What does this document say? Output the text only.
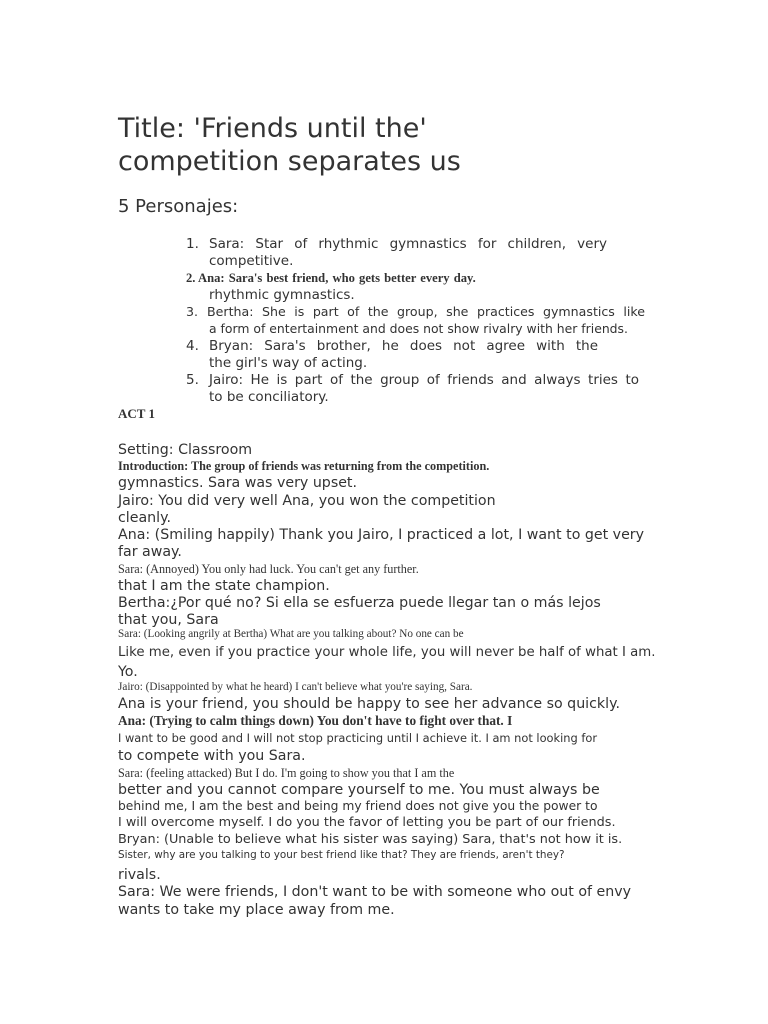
Title: 'Friends until the'
competition separates us
5 Personajes:
1. Sara: Star of rhythmic gymnastics for children, very
competitive.
2. Ana: Sara's best friend, who gets better every day.
rhythmic gymnastics.
3. Bertha: She is part of the group, she practices gymnastics like
a form of entertainment and does not show rivalry with her friends.
4. Bryan: Sara's brother, he does not agree with the
the girl's way of acting.
5. Jairo: He is part of the group of friends and always tries to
to be conciliatory.
ACT 1
Setting: Classroom
Introduction: The group of friends was returning from the competition.
gymnastics. Sara was very upset.
Jairo: You did very well Ana, you won the competition
cleanly.
Ana: (Smiling happily) Thank you Jairo, I practiced a lot, I want to get very
far away.
Sara: (Annoyed) You only had luck. You can't get any further.
that I am the state champion.
Bertha:¿Por qué no? Si ella se esfuerza puede llegar tan o más lejos
that you, Sara
Sara: (Looking angrily at Bertha) What are you talking about? No one can be
Like me, even if you practice your whole life, you will never be half of what I am.
Yo.
Jairo: (Disappointed by what he heard) I can't believe what you're saying, Sara.
Ana is your friend, you should be happy to see her advance so quickly.
Ana: (Trying to calm things down) You don't have to fight over that. I
I want to be good and I will not stop practicing until I achieve it. I am not looking for
to compete with you Sara.
Sara: (feeling attacked) But I do. I'm going to show you that I am the
better and you cannot compare yourself to me. You must always be
behind me, I am the best and being my friend does not give you the power to
I will overcome myself. I do you the favor of letting you be part of our friends.
Bryan: (Unable to believe what his sister was saying) Sara, that's not how it is.
Sister, why are you talking to your best friend like that? They are friends, aren't they?
rivals.
Sara: We were friends, I don't want to be with someone who out of envy
wants to take my place away from me.
